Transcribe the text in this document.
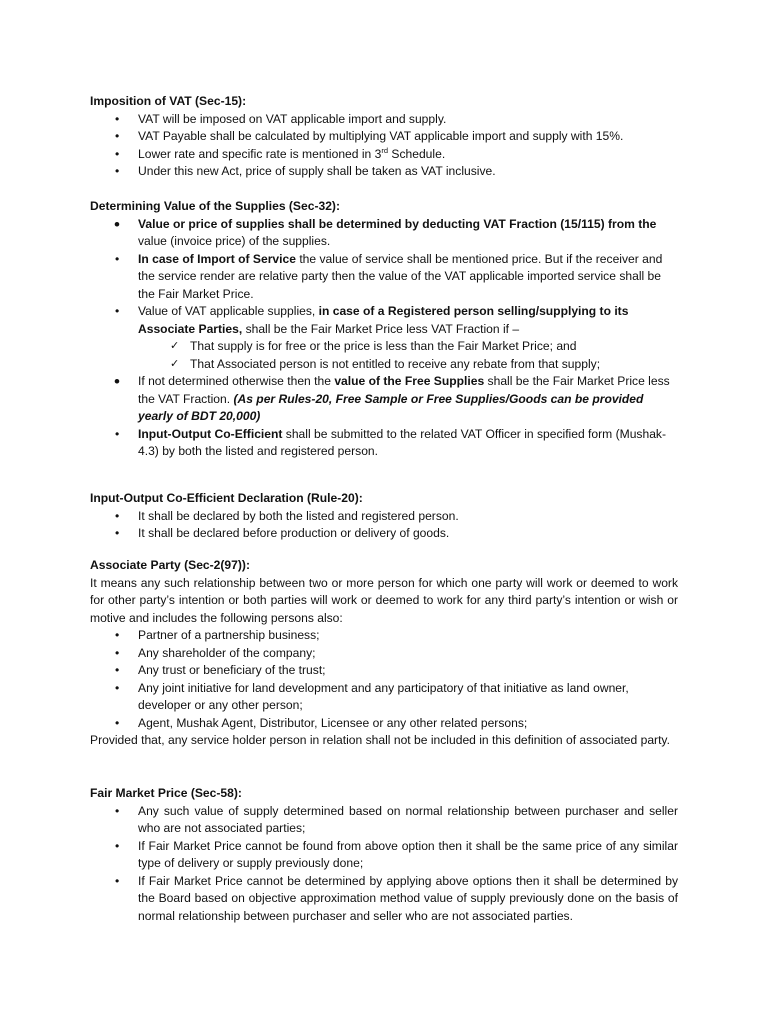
Imposition of VAT (Sec-15):
• VAT will be imposed on VAT applicable import and supply.
• VAT Payable shall be calculated by multiplying VAT applicable import and supply with 15%.
• Lower rate and specific rate is mentioned in 3rd Schedule.
• Under this new Act, price of supply shall be taken as VAT inclusive.
Determining Value of the Supplies (Sec-32):
• Value or price of supplies shall be determined by deducting VAT Fraction (15/115) from the
value (invoice price) of the supplies.
• In case of Import of Service the value of service shall be mentioned price. But if the receiver and the service render are relative party then the value of the VAT applicable imported service shall be the Fair Market Price.
• Value of VAT applicable supplies, in case of a Registered person selling/supplying to its Associate Parties, shall be the Fair Market Price less VAT Fraction if –
✓ That supply is for free or the price is less than the Fair Market Price; and
✓ That Associated person is not entitled to receive any rebate from that supply;
• If not determined otherwise then the value of the Free Supplies shall be the Fair Market Price less the VAT Fraction. (As per Rules-20, Free Sample or Free Supplies/Goods can be provided yearly of BDT 20,000)
• Input-Output Co-Efficient shall be submitted to the related VAT Officer in specified form (Mushak-4.3) by both the listed and registered person.
Input-Output Co-Efficient Declaration (Rule-20):
• It shall be declared by both the listed and registered person.
• It shall be declared before production or delivery of goods.
Associate Party (Sec-2(97)):
It means any such relationship between two or more person for which one party will work or deemed to work for other party’s intention or both parties will work or deemed to work for any third party’s intention or wish or motive and includes the following persons also:
• Partner of a partnership business;
• Any shareholder of the company;
• Any trust or beneficiary of the trust;
• Any joint initiative for land development and any participatory of that initiative as land owner, developer or any other person;
• Agent, Mushak Agent, Distributor, Licensee or any other related persons;
Provided that, any service holder person in relation shall not be included in this definition of associated party.
Fair Market Price (Sec-58):
• Any such value of supply determined based on normal relationship between purchaser and seller who are not associated parties;
• If Fair Market Price cannot be found from above option then it shall be the same price of any similar type of delivery or supply previously done;
• If Fair Market Price cannot be determined by applying above options then it shall be determined by the Board based on objective approximation method value of supply previously done on the basis of normal relationship between purchaser and seller who are not associated parties.
